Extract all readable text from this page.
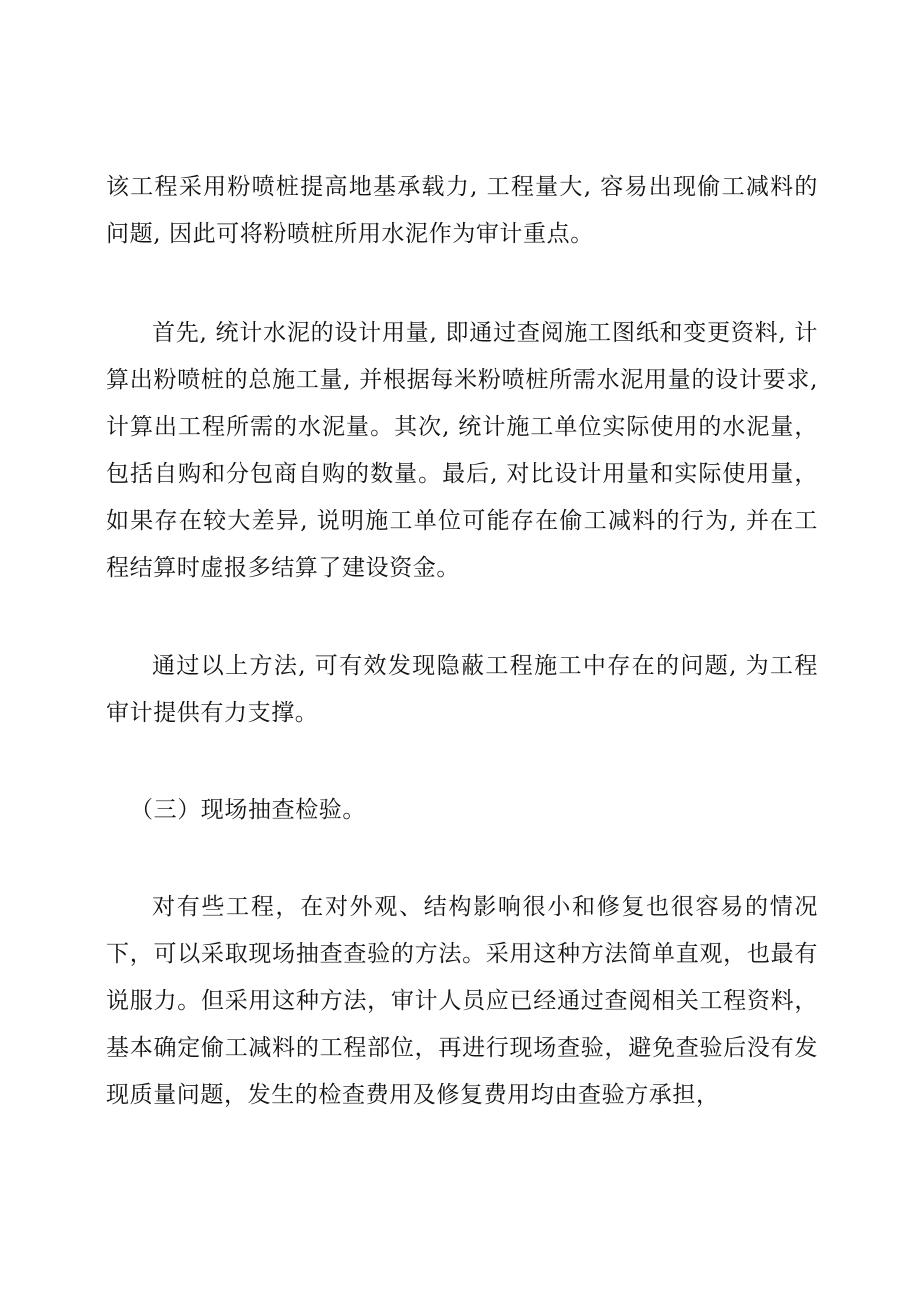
该工程采用粉喷桩提高地基承载力, 工程量大, 容易出现偷工减料的问题, 因此可将粉喷桩所用水泥作为审计重点。

首先, 统计水泥的设计用量, 即通过查阅施工图纸和变更资料, 计算出粉喷桩的总施工量, 并根据每米粉喷桩所需水泥用量的设计要求, 计算出工程所需的水泥量。其次, 统计施工单位实际使用的水泥量，包括自购和分包商自购的数量。最后, 对比设计用量和实际使用量，如果存在较大差异, 说明施工单位可能存在偷工减料的行为, 并在工程结算时虚报多结算了建设资金。

通过以上方法, 可有效发现隐蔽工程施工中存在的问题, 为工程审计提供有力支撑。

（三）现场抽查检验。

对有些工程，在对外观、结构影响很小和修复也很容易的情况下，可以采取现场抽查查验的方法。采用这种方法简单直观，也最有说服力。但采用这种方法，审计人员应已经通过查阅相关工程资料，基本确定偷工减料的工程部位，再进行现场查验，避免查验后没有发现质量问题，发生的检查费用及修复费用均由查验方承担，
